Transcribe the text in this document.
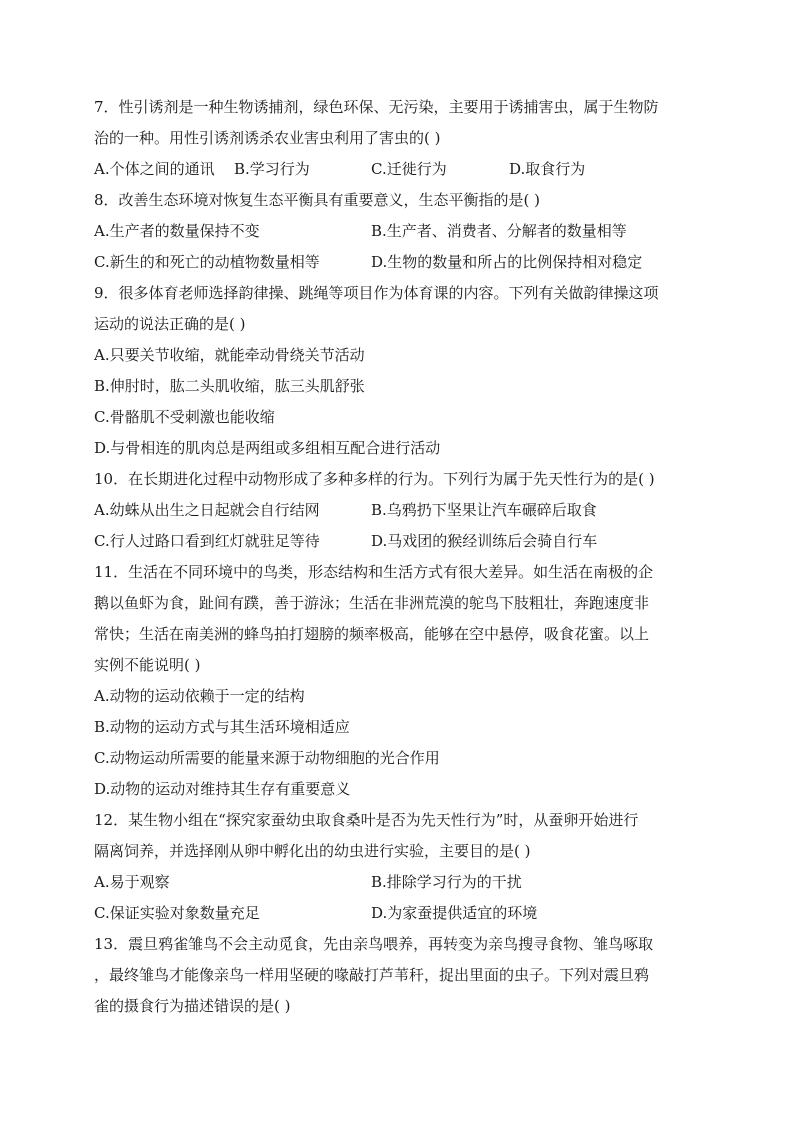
7．性引诱剂是一种生物诱捕剂，绿色环保、无污染，主要用于诱捕害虫，属于生物防
治的一种。用性引诱剂诱杀农业害虫利用了害虫的( )
A.个体之间的通讯 B.学习行为	C.迁徙行为	D.取食行为
8．改善生态环境对恢复生态平衡具有重要意义，生态平衡指的是( )
A.生产者的数量保持不变	B.生产者、消费者、分解者的数量相等
C.新生的和死亡的动植物数量相等	D.生物的数量和所占的比例保持相对稳定
9．很多体育老师选择韵律操、跳绳等项目作为体育课的内容。下列有关做韵律操这项
运动的说法正确的是( )
A.只要关节收缩，就能牵动骨绕关节活动
B.伸肘时，肱二头肌收缩，肱三头肌舒张
C.骨骼肌不受刺激也能收缩
D.与骨相连的肌肉总是两组或多组相互配合进行活动
10．在长期进化过程中动物形成了多种多样的行为。下列行为属于先天性行为的是( )
A.幼蛛从出生之日起就会自行结网	B.乌鸦扔下坚果让汽车碾碎后取食
C.行人过路口看到红灯就驻足等待	D.马戏团的猴经训练后会骑自行车
11．生活在不同环境中的鸟类，形态结构和生活方式有很大差异。如生活在南极的企
鹅以鱼虾为食，趾间有蹼，善于游泳；生活在非洲荒漠的鸵鸟下肢粗壮，奔跑速度非
常快；生活在南美洲的蜂鸟拍打翅膀的频率极高，能够在空中悬停，吸食花蜜。以上
实例不能说明( )
A.动物的运动依赖于一定的结构
B.动物的运动方式与其生活环境相适应
C.动物运动所需要的能量来源于动物细胞的光合作用
D.动物的运动对维持其生存有重要意义
12．某生物小组在“探究家蚕幼虫取食桑叶是否为先天性行为”时，从蚕卵开始进行
隔离饲养，并选择刚从卵中孵化出的幼虫进行实验，主要目的是( )
A.易于观察	B.排除学习行为的干扰
C.保证实验对象数量充足	D.为家蚕提供适宜的环境
13．震旦鸦雀雏鸟不会主动觅食，先由亲鸟喂养，再转变为亲鸟搜寻食物、雏鸟啄取
，最终雏鸟才能像亲鸟一样用坚硬的喙敲打芦苇秆，捉出里面的虫子。下列对震旦鸦
雀的摄食行为描述错误的是( )
